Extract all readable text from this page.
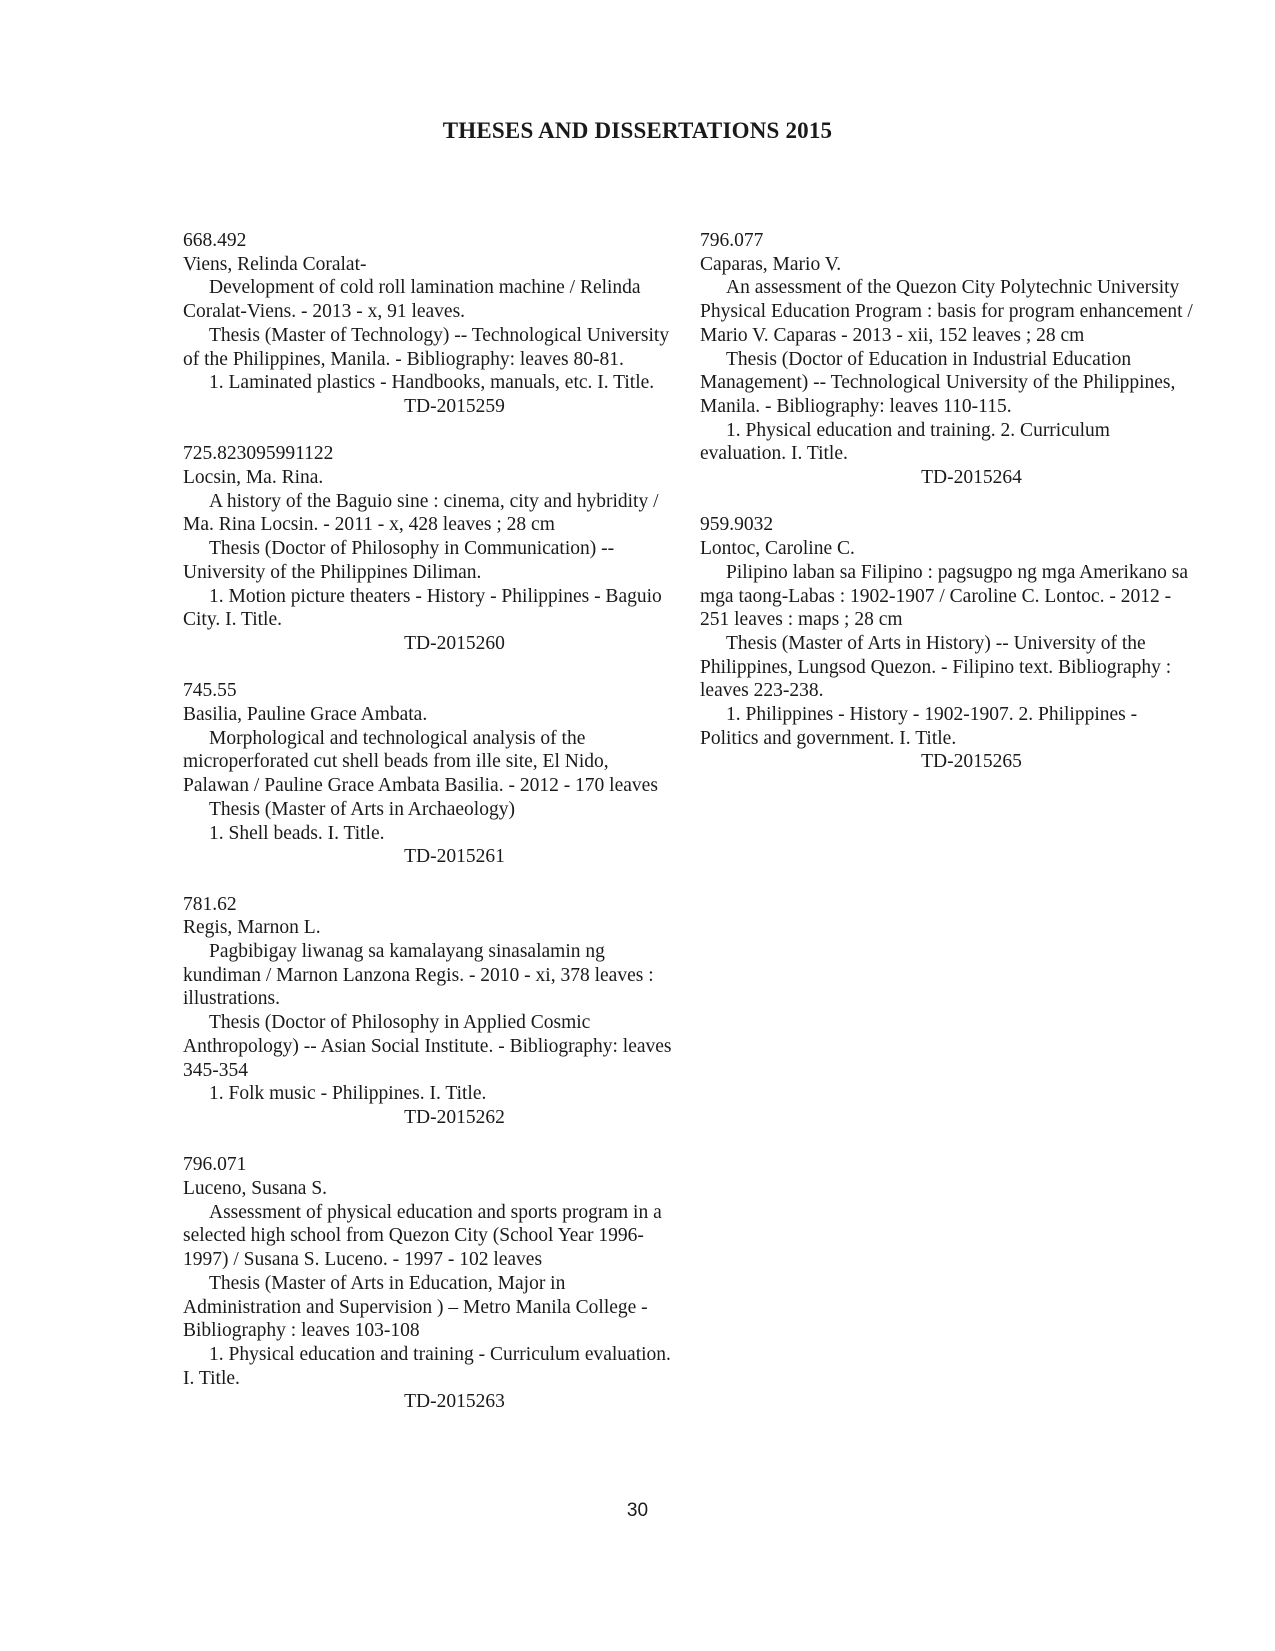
THESES AND DISSERTATIONS 2015

668.492

Viens, Relinda Coralat-

Development of cold roll lamination machine / Relinda Coralat-Viens. - 2013 - x, 91 leaves.

Thesis (Master of Technology) -- Technological University of the Philippines, Manila. - Bibliography: leaves 80-81.

1. Laminated plastics - Handbooks, manuals, etc. I. Title.

TD-2015259

725.823095991122

Locsin, Ma. Rina.

A history of the Baguio sine : cinema, city and hybridity / Ma. Rina Locsin. - 2011 - x, 428 leaves ; 28 cm

Thesis (Doctor of Philosophy in Communication) -- University of the Philippines Diliman.

1. Motion picture theaters - History - Philippines - Baguio City. I. Title.

TD-2015260

745.55

Basilia, Pauline Grace Ambata.

Morphological and technological analysis of the microperforated cut shell beads from ille site, El Nido, Palawan / Pauline Grace Ambata Basilia. - 2012 - 170 leaves

Thesis (Master of Arts in Archaeology)

1. Shell beads. I. Title.

TD-2015261

781.62

Regis, Marnon L.

Pagbibigay liwanag sa kamalayang sinasalamin ng kundiman / Marnon Lanzona Regis. - 2010 - xi, 378 leaves : illustrations.

Thesis (Doctor of Philosophy in Applied Cosmic Anthropology) -- Asian Social Institute. - Bibliography: leaves 345-354

1. Folk music - Philippines. I. Title.

TD-2015262

796.071

Luceno, Susana S.

Assessment of physical education and sports program in a selected high school from Quezon City (School Year 1996-1997) / Susana S. Luceno. - 1997 - 102 leaves

Thesis (Master of Arts in Education, Major in Administration and Supervision ) – Metro Manila College - Bibliography : leaves 103-108

1. Physical education and training - Curriculum evaluation. I. Title.

TD-2015263

796.077

Caparas, Mario V.

An assessment of the Quezon City Polytechnic University Physical Education Program : basis for program enhancement / Mario V. Caparas - 2013 - xii, 152 leaves ; 28 cm

Thesis (Doctor of Education in Industrial Education Management) -- Technological University of the Philippines, Manila. - Bibliography: leaves 110-115.

1. Physical education and training. 2. Curriculum evaluation. I. Title.

TD-2015264

959.9032

Lontoc, Caroline C.

Pilipino laban sa Filipino : pagsugpo ng mga Amerikano sa mga taong-Labas : 1902-1907 / Caroline C. Lontoc. - 2012 - 251 leaves : maps ; 28 cm

Thesis (Master of Arts in History) -- University of the Philippines, Lungsod Quezon. - Filipino text. Bibliography : leaves 223-238.

1. Philippines - History - 1902-1907. 2. Philippines - Politics and government. I. Title.

TD-2015265

30
